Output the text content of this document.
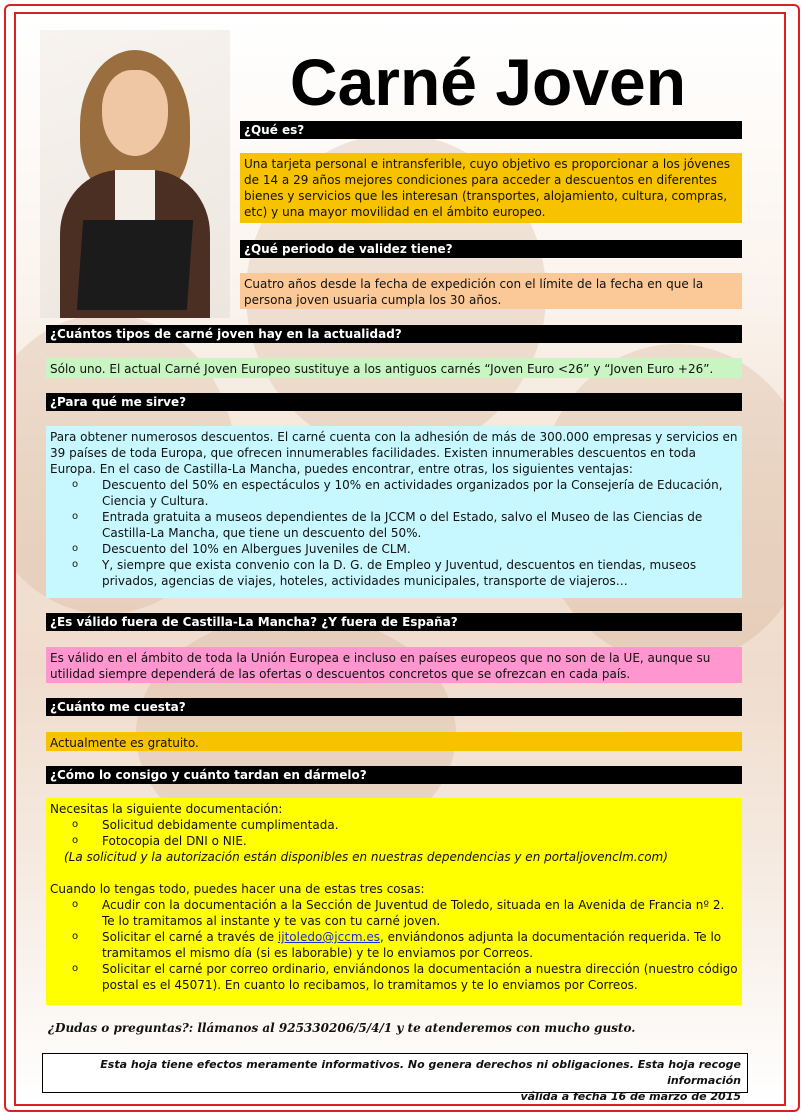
Carné Joven
¿Qué es?
Una tarjeta personal e intransferible, cuyo objetivo es proporcionar a los jóvenes de 14 a 29 años mejores condiciones para acceder a descuentos en diferentes bienes y servicios que les interesan (transportes, alojamiento, cultura, compras, etc) y una mayor movilidad en el ámbito europeo.
¿Qué periodo de validez tiene?
Cuatro años desde la fecha de expedición con el límite de la fecha en que la persona joven usuaria cumpla los 30 años.
¿Cuántos tipos de carné joven hay en la actualidad?
Sólo uno. El actual Carné Joven Europeo sustituye a los antiguos carnés “Joven Euro <26” y “Joven Euro +26”.
¿Para qué me sirve?
Para obtener numerosos descuentos. El carné cuenta con la adhesión de más de 300.000 empresas y servicios en 39 países de toda Europa, que ofrecen innumerables facilidades. Existen innumerables descuentos en toda Europa. En el caso de Castilla-La Mancha, puedes encontrar, entre otras, los siguientes ventajas:
o Descuento del 50% en espectáculos y 10% en actividades organizados por la Consejería de Educación, Ciencia y Cultura.
o Entrada gratuita a museos dependientes de la JCCM o del Estado, salvo el Museo de las Ciencias de Castilla-La Mancha, que tiene un descuento del 50%.
o Descuento del 10% en Albergues Juveniles de CLM.
o Y, siempre que exista convenio con la D. G. de Empleo y Juventud, descuentos en tiendas, museos privados, agencias de viajes, hoteles, actividades municipales, transporte de viajeros…
¿Es válido fuera de Castilla-La Mancha? ¿Y fuera de España?
Es válido en el ámbito de toda la Unión Europea e incluso en países europeos que no son de la UE, aunque su utilidad siempre dependerá de las ofertas o descuentos concretos que se ofrezcan en cada país.
¿Cuánto me cuesta?
Actualmente es gratuito.
¿Cómo lo consigo y cuánto tardan en dármelo?
Necesitas la siguiente documentación:
o Solicitud debidamente cumplimentada.
o Fotocopia del DNI o NIE.
(La solicitud y la autorización están disponibles en nuestras dependencias y en portaljovenclm.com)
Cuando lo tengas todo, puedes hacer una de estas tres cosas:
o Acudir con la documentación a la Sección de Juventud de Toledo, situada en la Avenida de Francia nº 2. Te lo tramitamos al instante y te vas con tu carné joven.
o Solicitar el carné a través de ijtoledo@jccm.es, enviándonos adjunta la documentación requerida. Te lo tramitamos el mismo día (si es laborable) y te lo enviamos por Correos.
o Solicitar el carné por correo ordinario, enviándonos la documentación a nuestra dirección (nuestro código postal es el 45071). En cuanto lo recibamos, lo tramitamos y te lo enviamos por Correos.
¿Dudas o preguntas?: llámanos al 925330206/5/4/1 y te atenderemos con mucho gusto.
Esta hoja tiene efectos meramente informativos. No genera derechos ni obligaciones. Esta hoja recoge información
válida a fecha 16 de marzo de 2015
